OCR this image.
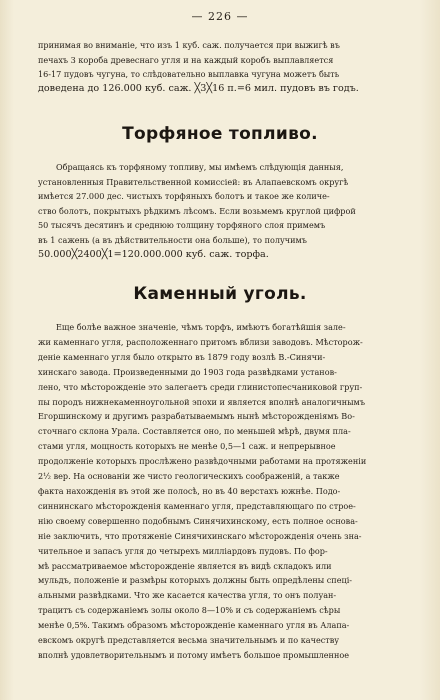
— 226 —
принимая во вниманіе, что изъ 1 куб. саж. получается при выжигѣ въ
печахъ 3 короба древеснаго угля и на каждый коробъ выплавляется
16-17 пудовъ чугуна, то слѣдовательно выплавка чугуна можетъ быть
доведена до 126.000 куб. саж. ╳3╳16 п.=6 мил. пудовъ въ годъ.
Торфяное топливо.
Обращаясь къ торфяному топливу, мы имѣемъ слѣдующія данныя,
установленныя Правительственной комиссіей: въ Алапаевскомъ округѣ
имѣется 27.000 дес. чистыхъ торфяныхъ болотъ и такое же количе-
ство болотъ, покрытыхъ рѣдкимъ лѣсомъ. Если возьмемъ круглой цифрой
50 тысячъ десятинъ и среднюю толщину торфяного слоя примемъ
въ 1 сажень (а въ дѣйствительности она больше), то получимъ
50.000╳2400╳1=120.000.000 куб. саж. торфа.
Каменный уголь.
Еще болѣе важное значеніе, чѣмъ торфъ, имѣютъ богатѣйшія зале-
жи каменнаго угля, расположеннаго притомъ вблизи заводовъ. Мѣсторож-
деніе каменнаго угля было открыто въ 1879 году возлѣ В.-Синячи-
хинскаго завода. Произведенными до 1903 года развѣдками установ-
лено, что мѣсторожденіе это залегаетъ среди глинистопесчаниковой груп-
пы породъ нижнекаменноугольной эпохи и является вполнѣ аналогичнымъ
Егоршинскому и другимъ разрабатываемымъ нынѣ мѣсторожденіямъ Во-
сточнаго склона Урала. Составляется оно, по меньшей мѣрѣ, двумя пла-
стами угля, мощность которыхъ не менѣе 0,5—1 саж. и непрерывное
продолженіе которыхъ прослѣжено развѣдочными работами на протяженіи
2½ вер. На основаніи же чисто геологическихъ соображеній, а также
факта нахожденія въ этой же полосѣ, но въ 40 верстахъ южнѣе. Подо-
синнинскаго мѣсторожденія каменнаго угля, представляющаго по строе-
нію своему совершенно подобнымъ Синячихинскому, есть полное основа-
ніе заключить, что протяженіе Синячихинскаго мѣсторожденія очень зна-
чительное и запасъ угля до четырехъ милліардовъ пудовъ. По фор-
мѣ рассматриваемое мѣсторожденіе является въ видѣ складокъ или
мульдъ, положеніе и размѣры которыхъ должны быть опредѣлены спеці-
альными развѣдками. Что же касается качества угля, то онъ полуан-
трацитъ съ содержаніемъ золы около 8—10% и съ содержаніемъ сѣры
менѣе 0,5%. Такимъ образомъ мѣсторожденіе каменнаго угля въ Алапа-
евскомъ округѣ представляется весьма значительнымъ и по качеству
вполнѣ удовлетворительнымъ и потому имѣетъ большое промышленное
